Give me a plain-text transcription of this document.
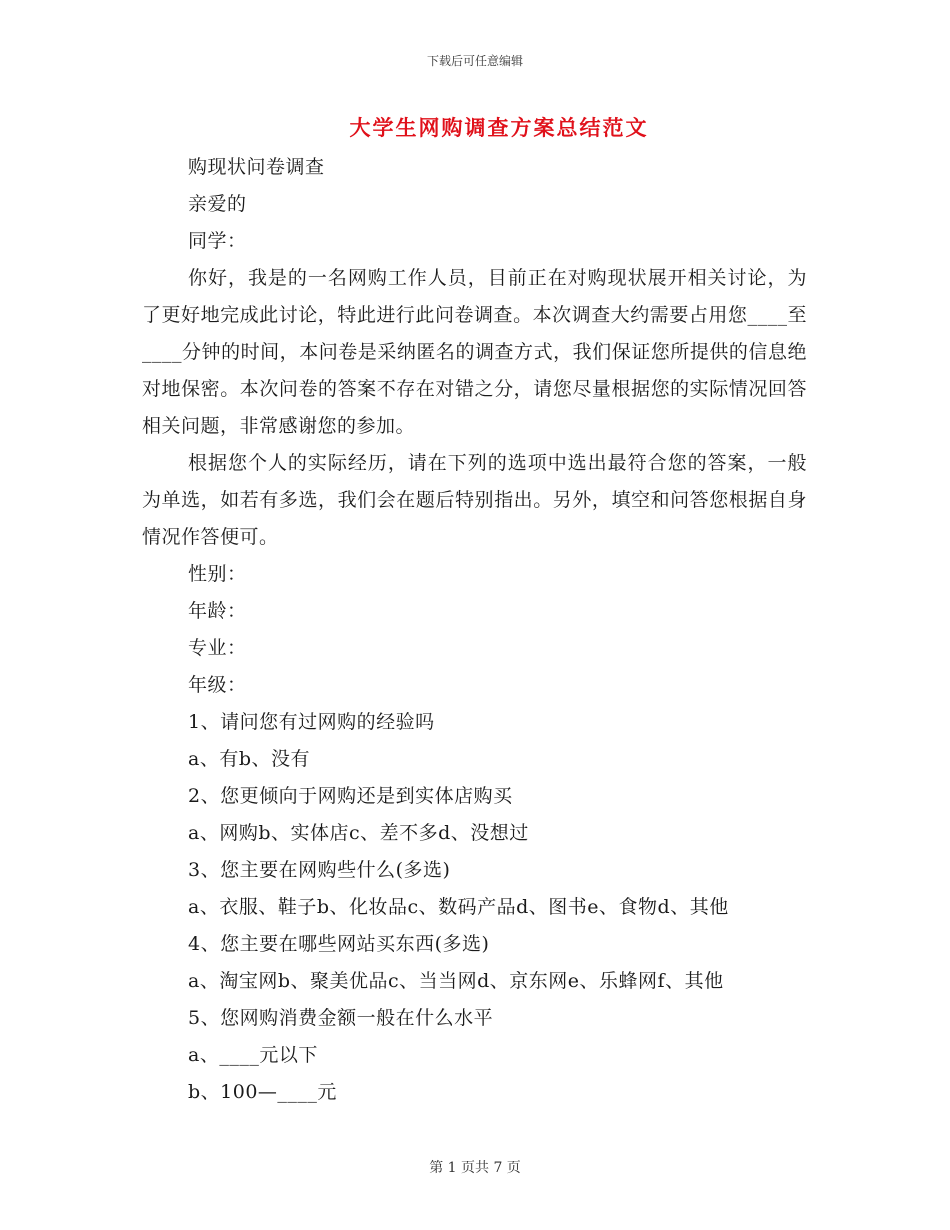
下载后可任意编辑
大学生网购调查方案总结范文
购现状问卷调查
亲爱的
同学：
你好，我是的一名网购工作人员，目前正在对购现状展开相关讨论，为了更好地完成此讨论，特此进行此问卷调查。本次调查大约需要占用您____至____分钟的时间，本问卷是采纳匿名的调查方式，我们保证您所提供的信息绝对地保密。本次问卷的答案不存在对错之分，请您尽量根据您的实际情况回答相关问题，非常感谢您的参加。
根据您个人的实际经历，请在下列的选项中选出最符合您的答案，一般为单选，如若有多选，我们会在题后特别指出。另外，填空和问答您根据自身情况作答便可。
性别：
年龄：
专业：
年级：
1、请问您有过网购的经验吗
a、有b、没有
2、您更倾向于网购还是到实体店购买
a、网购b、实体店c、差不多d、没想过
3、您主要在网购些什么(多选)
a、衣服、鞋子b、化妆品c、数码产品d、图书e、食物d、其他
4、您主要在哪些网站买东西(多选)
a、淘宝网b、聚美优品c、当当网d、京东网e、乐蜂网f、其他
5、您网购消费金额一般在什么水平
a、____元以下
b、100—____元
第 1 页共 7 页
